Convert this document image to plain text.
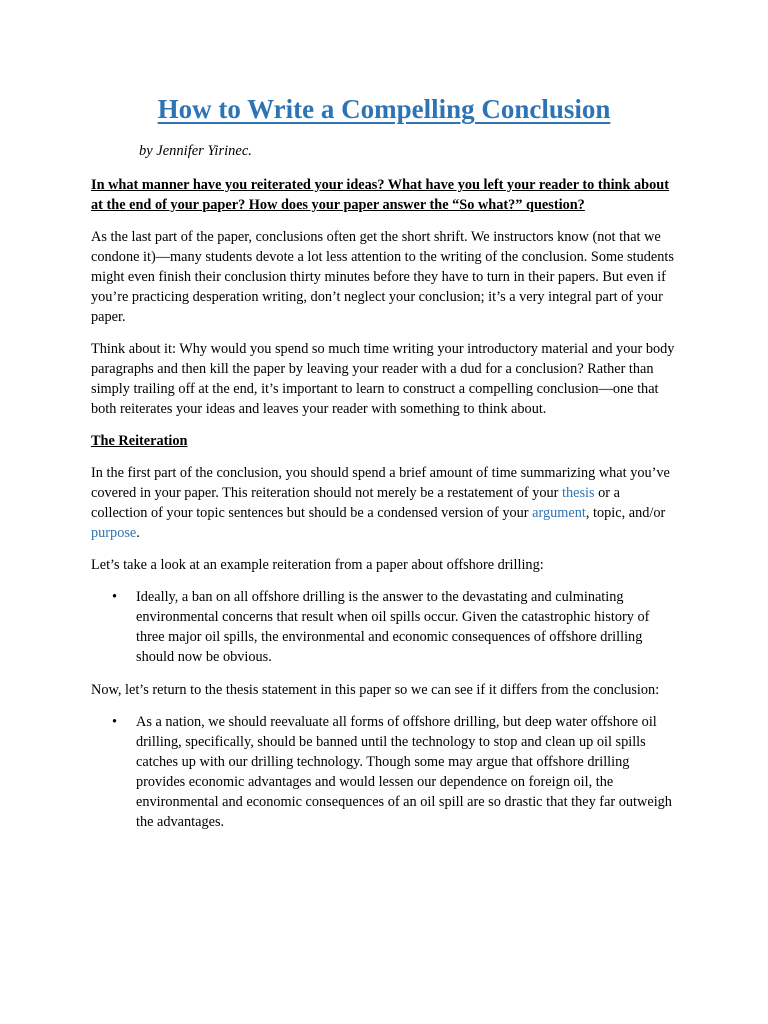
How to Write a Compelling Conclusion

by Jennifer Yirinec.

In what manner have you reiterated your ideas? What have you left your reader to think about at the end of your paper? How does your paper answer the “So what?” question?

As the last part of the paper, conclusions often get the short shrift. We instructors know (not that we condone it)—many students devote a lot less attention to the writing of the conclusion. Some students might even finish their conclusion thirty minutes before they have to turn in their papers. But even if you’re practicing desperation writing, don’t neglect your conclusion; it’s a very integral part of your paper.

Think about it: Why would you spend so much time writing your introductory material and your body paragraphs and then kill the paper by leaving your reader with a dud for a conclusion? Rather than simply trailing off at the end, it’s important to learn to construct a compelling conclusion—one that both reiterates your ideas and leaves your reader with something to think about.

The Reiteration

In the first part of the conclusion, you should spend a brief amount of time summarizing what you’ve covered in your paper. This reiteration should not merely be a restatement of your thesis or a collection of your topic sentences but should be a condensed version of your argument, topic, and/or purpose.

Let’s take a look at an example reiteration from a paper about offshore drilling:

• Ideally, a ban on all offshore drilling is the answer to the devastating and culminating environmental concerns that result when oil spills occur. Given the catastrophic history of three major oil spills, the environmental and economic consequences of offshore drilling should now be obvious.

Now, let’s return to the thesis statement in this paper so we can see if it differs from the conclusion:

• As a nation, we should reevaluate all forms of offshore drilling, but deep water offshore oil drilling, specifically, should be banned until the technology to stop and clean up oil spills catches up with our drilling technology. Though some may argue that offshore drilling provides economic advantages and would lessen our dependence on foreign oil, the environmental and economic consequences of an oil spill are so drastic that they far outweigh the advantages.
